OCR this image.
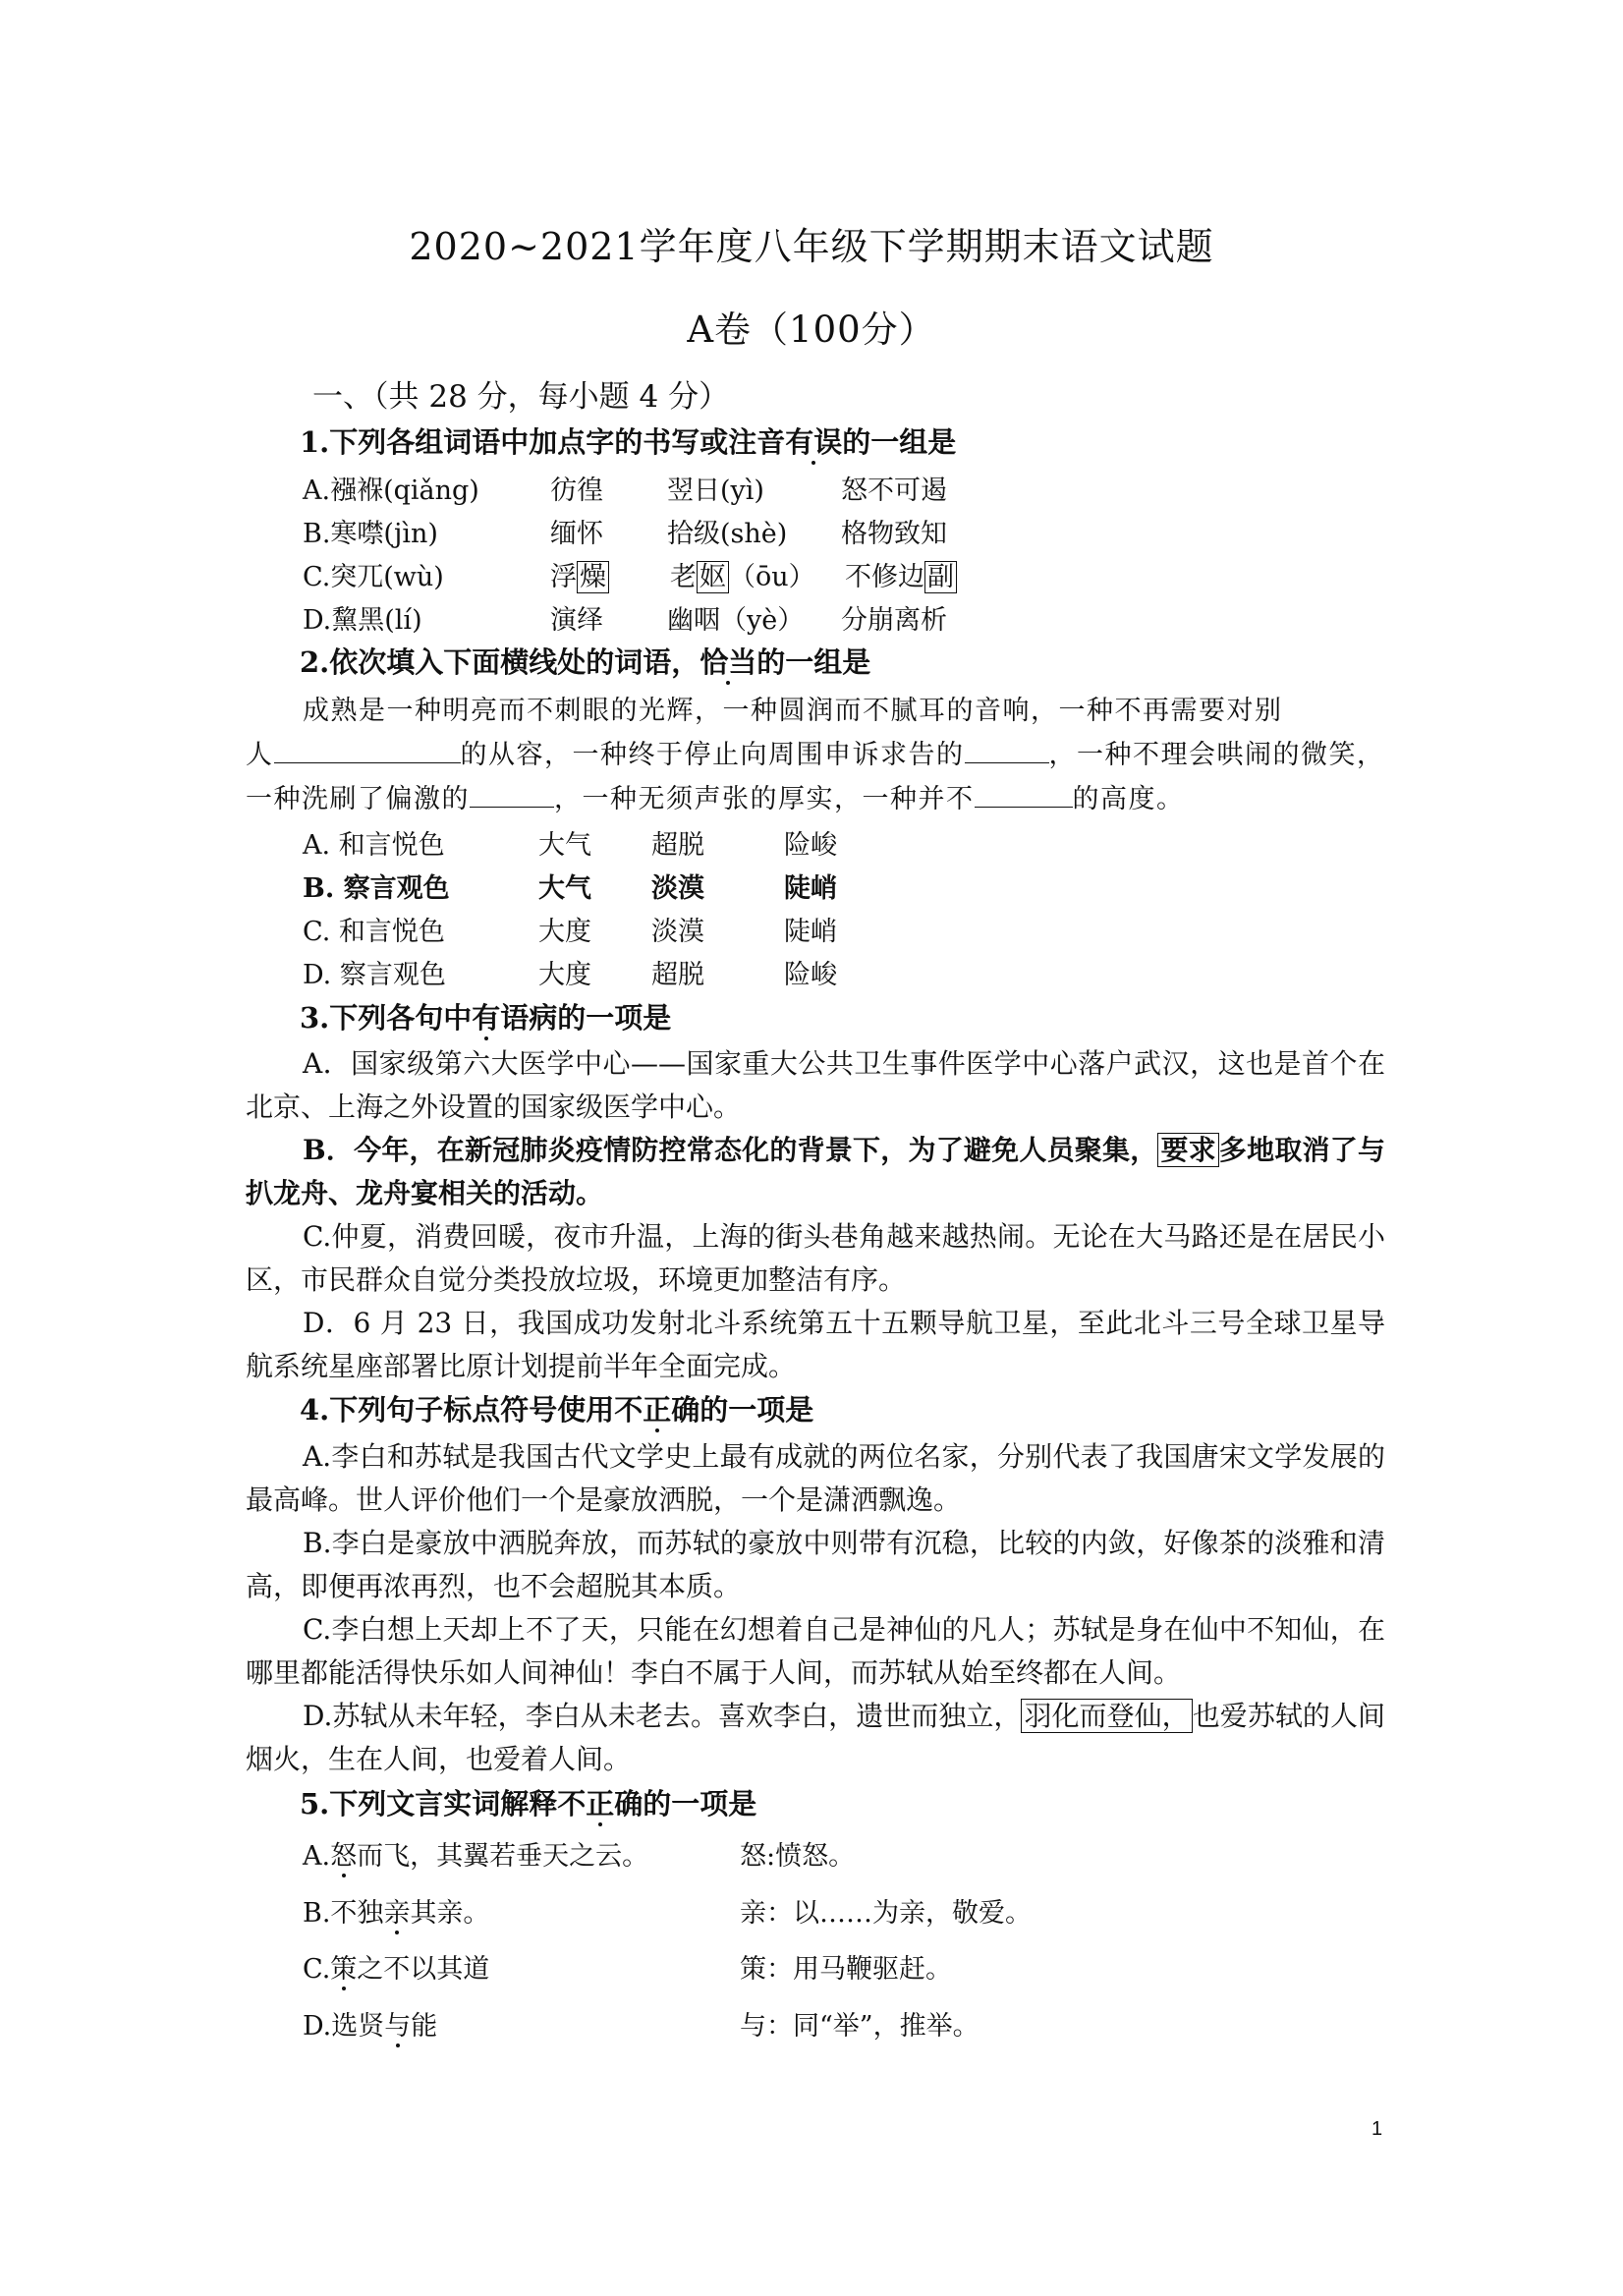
2020~2021学年度八年级下学期期末语文试题
A卷（100分）
一、（共 28 分，每小题 4 分）
1.下列各组词语中加点字的书写或注音有误的一组是
A.襁褓(qiǎng)	彷徨 翌日(yì)	怒不可遏
B.寒噤(jìn)	缅怀 拾级(shè) 格物致知
C.突兀(wù)	浮 燥 老 妪 （ōu） 不修边 副
D.黧黑(lí)	演绎 幽咽（yè） 分崩离析
2.依次填入下面横线处的词语，恰当的一组是
成熟是一种明亮而不刺眼的光辉，一种圆润而不腻耳的音响，一种不再需要对别
人	的从容，一种终于停止向周围申诉求告的	，一种不理会哄闹的微笑，
一种洗刷了偏激的	，一种无须声张的厚实，一种并不	的高度。
A. 和言悦色	大气 超脱	险峻
B. 察言观色	大气 淡漠	陡峭
C. 和言悦色	大度 淡漠	陡峭
D. 察言观色	大度 超脱	险峻
3.下列各句中有语病的一项是
A．国家级第六大医学中心——国家重大公共卫生事件医学中心落户武汉，这也是首个在北京、上海之外设置的国家级医学中心。
B．今年，在新冠肺炎疫情防控常态化的背景下，为了避免人员聚集， 要求 多地取消了与扒龙舟、龙舟宴相关的活动。
C.仲夏，消费回暖，夜市升温，上海的街头巷角越来越热闹。无论在大马路还是在居民小区，市民群众自觉分类投放垃圾，环境更加整洁有序。
D．6 月 23 日，我国成功发射北斗系统第五十五颗导航卫星，至此北斗三号全球卫星导航系统星座部署比原计划提前半年全面完成。
4.下列句子标点符号使用不正确的一项是
A.李白和苏轼是我国古代文学史上最有成就的两位名家，分别代表了我国唐宋文学发展的最高峰。世人评价他们一个是豪放洒脱，一个是潇洒飘逸。
B.李白是豪放中洒脱奔放，而苏轼的豪放中则带有沉稳，比较的内敛，好像茶的淡雅和清高，即便再浓再烈，也不会超脱其本质。
C.李白想上天却上不了天，只能在幻想着自己是神仙的凡人；苏轼是身在仙中不知仙，在哪里都能活得快乐如人间神仙！李白不属于人间，而苏轼从始至终都在人间。
D.苏轼从未年轻，李白从未老去。喜欢李白，遗世而独立， 羽化而登仙， 也爱苏轼的人间烟火，生在人间，也爱着人间。
5.下列文言实词解释不正确的一项是
A.怒而飞，其翼若垂天之云。	怒:愤怒。
B.不独亲其亲。	亲：以……为亲，敬爱。
C.策之不以其道	策：用马鞭驱赶。
D.选贤与能	与：同“举”，推举。
1
